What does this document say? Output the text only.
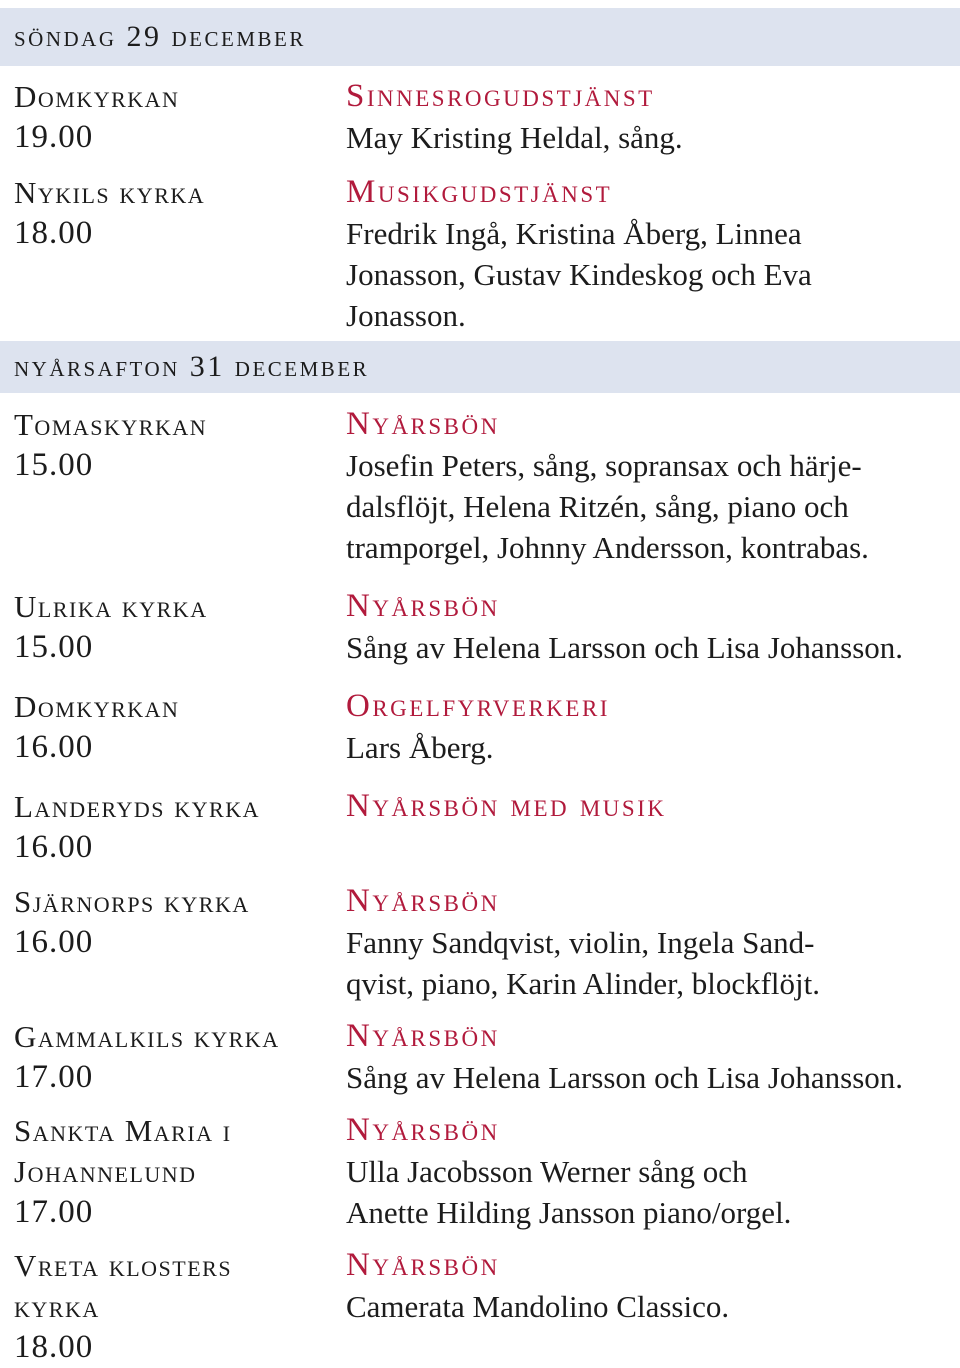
söndag 29 december
Domkyrkan
19.00
Sinnesrogudstjänst
May Kristing Heldal, sång.
Nykils kyrka
18.00
Musikgudstjänst
Fredrik Ingå, Kristina Åberg, Linnea
Jonasson, Gustav Kindeskog och Eva
Jonasson.
nyårsafton 31 december
Tomaskyrkan
15.00
Nyårsbön
Josefin Peters, sång, sopransax och härje-
dalsflöjt, Helena Ritzén, sång, piano och
tramporgel, Johnny Andersson, kontrabas.
Ulrika kyrka
15.00
Nyårsbön
Sång av Helena Larsson och Lisa Johansson.
Domkyrkan
16.00
Orgelfyrverkeri
Lars Åberg.
Landeryds kyrka
16.00
Nyårsbön med musik
Sjärnorps kyrka
16.00
Nyårsbön
Fanny Sandqvist, violin, Ingela Sand-
qvist, piano, Karin Alinder, blockflöjt.
Gammalkils kyrka
17.00
Nyårsbön
Sång av Helena Larsson och Lisa Johansson.
Sankta Maria i
Johannelund
17.00
Nyårsbön
Ulla Jacobsson Werner sång och
Anette Hilding Jansson piano/orgel.
Vreta klosters
kyrka
18.00
Nyårsbön
Camerata Mandolino Classico.
